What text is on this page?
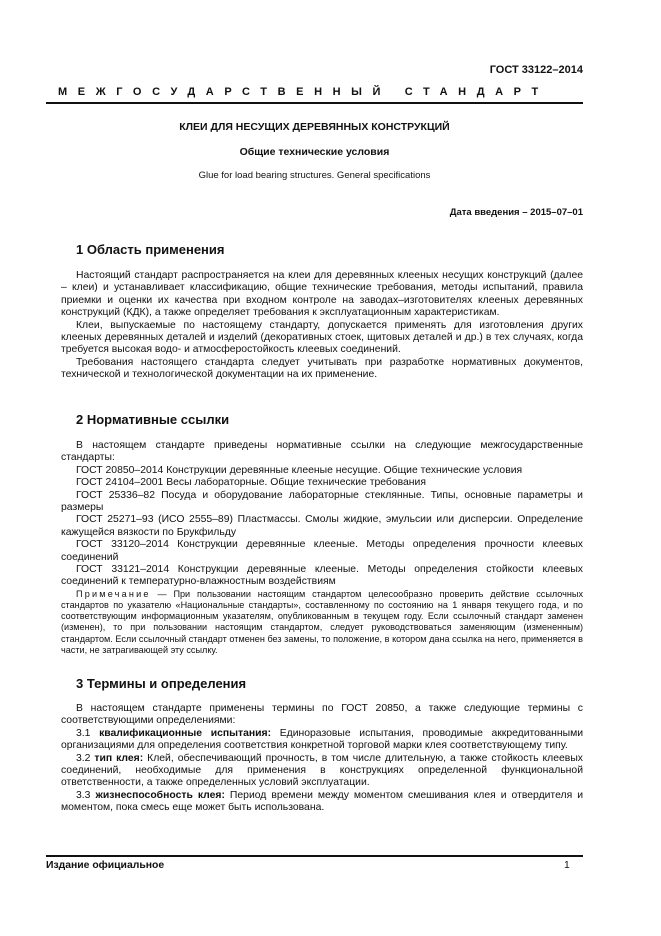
ГОСТ 33122–2014
МЕЖГОСУДАРСТВЕННЫЙ СТАНДАРТ
КЛЕИ ДЛЯ НЕСУЩИХ ДЕРЕВЯННЫХ КОНСТРУКЦИЙ
Общие технические условия
Glue for load bearing structures. General specifications
Дата введения – 2015–07–01
1 Область применения
Настоящий стандарт распространяется на клеи для деревянных клееных несущих конструкций (далее – клеи) и устанавливает классификацию, общие технические требования, методы испытаний, правила приемки и оценки их качества при входном контроле на заводах–изготовителях клееных деревянных конструкций (КДК), а также определяет требования к эксплуатационным характеристикам.
Клеи, выпускаемые по настоящему стандарту, допускается применять для изготовления других клееных деревянных деталей и изделий (декоративных стоек, щитовых деталей и др.) в тех случаях, когда требуется высокая водо- и атмосферостойкость клеевых соединений.
Требования настоящего стандарта следует учитывать при разработке нормативных документов, технической и технологической документации на их применение.
2 Нормативные ссылки
В настоящем стандарте приведены нормативные ссылки на следующие межгосударственные стандарты:
ГОСТ 20850–2014 Конструкции деревянные клееные несущие. Общие технические условия
ГОСТ 24104–2001 Весы лабораторные. Общие технические требования
ГОСТ 25336–82 Посуда и оборудование лабораторные стеклянные. Типы, основные параметры и размеры
ГОСТ 25271–93 (ИСО 2555–89) Пластмассы. Смолы жидкие, эмульсии или дисперсии. Определение кажущейся вязкости по Брукфильду
ГОСТ 33120–2014 Конструкции деревянные клееные. Методы определения прочности клеевых соединений
ГОСТ 33121–2014 Конструкции деревянные клееные. Методы определения стойкости клеевых соединений к температурно-влажностным воздействиям
Примечание — При пользовании настоящим стандартом целесообразно проверить действие ссылочных стандартов по указателю «Национальные стандарты», составленному по состоянию на 1 января текущего года, и по соответствующим информационным указателям, опубликованным в текущем году. Если ссылочный стандарт заменен (изменен), то при пользовании настоящим стандартом, следует руководствоваться заменяющим (измененным) стандартом. Если ссылочный стандарт отменен без замены, то положение, в котором дана ссылка на него, применяется в части, не затрагивающей эту ссылку.
3 Термины и определения
В настоящем стандарте применены термины по ГОСТ 20850, а также следующие термины с соответствующими определениями:
3.1 квалификационные испытания: Единоразовые испытания, проводимые аккредитованными организациями для определения соответствия конкретной торговой марки клея соответствующему типу.
3.2 тип клея: Клей, обеспечивающий прочность, в том числе длительную, а также стойкость клеевых соединений, необходимые для применения в конструкциях определенной функциональной ответственности, а также определенных условий эксплуатации.
3.3 жизнеспособность клея: Период времени между моментом смешивания клея и отвердителя и моментом, пока смесь еще может быть использована.
Издание официальное	1
